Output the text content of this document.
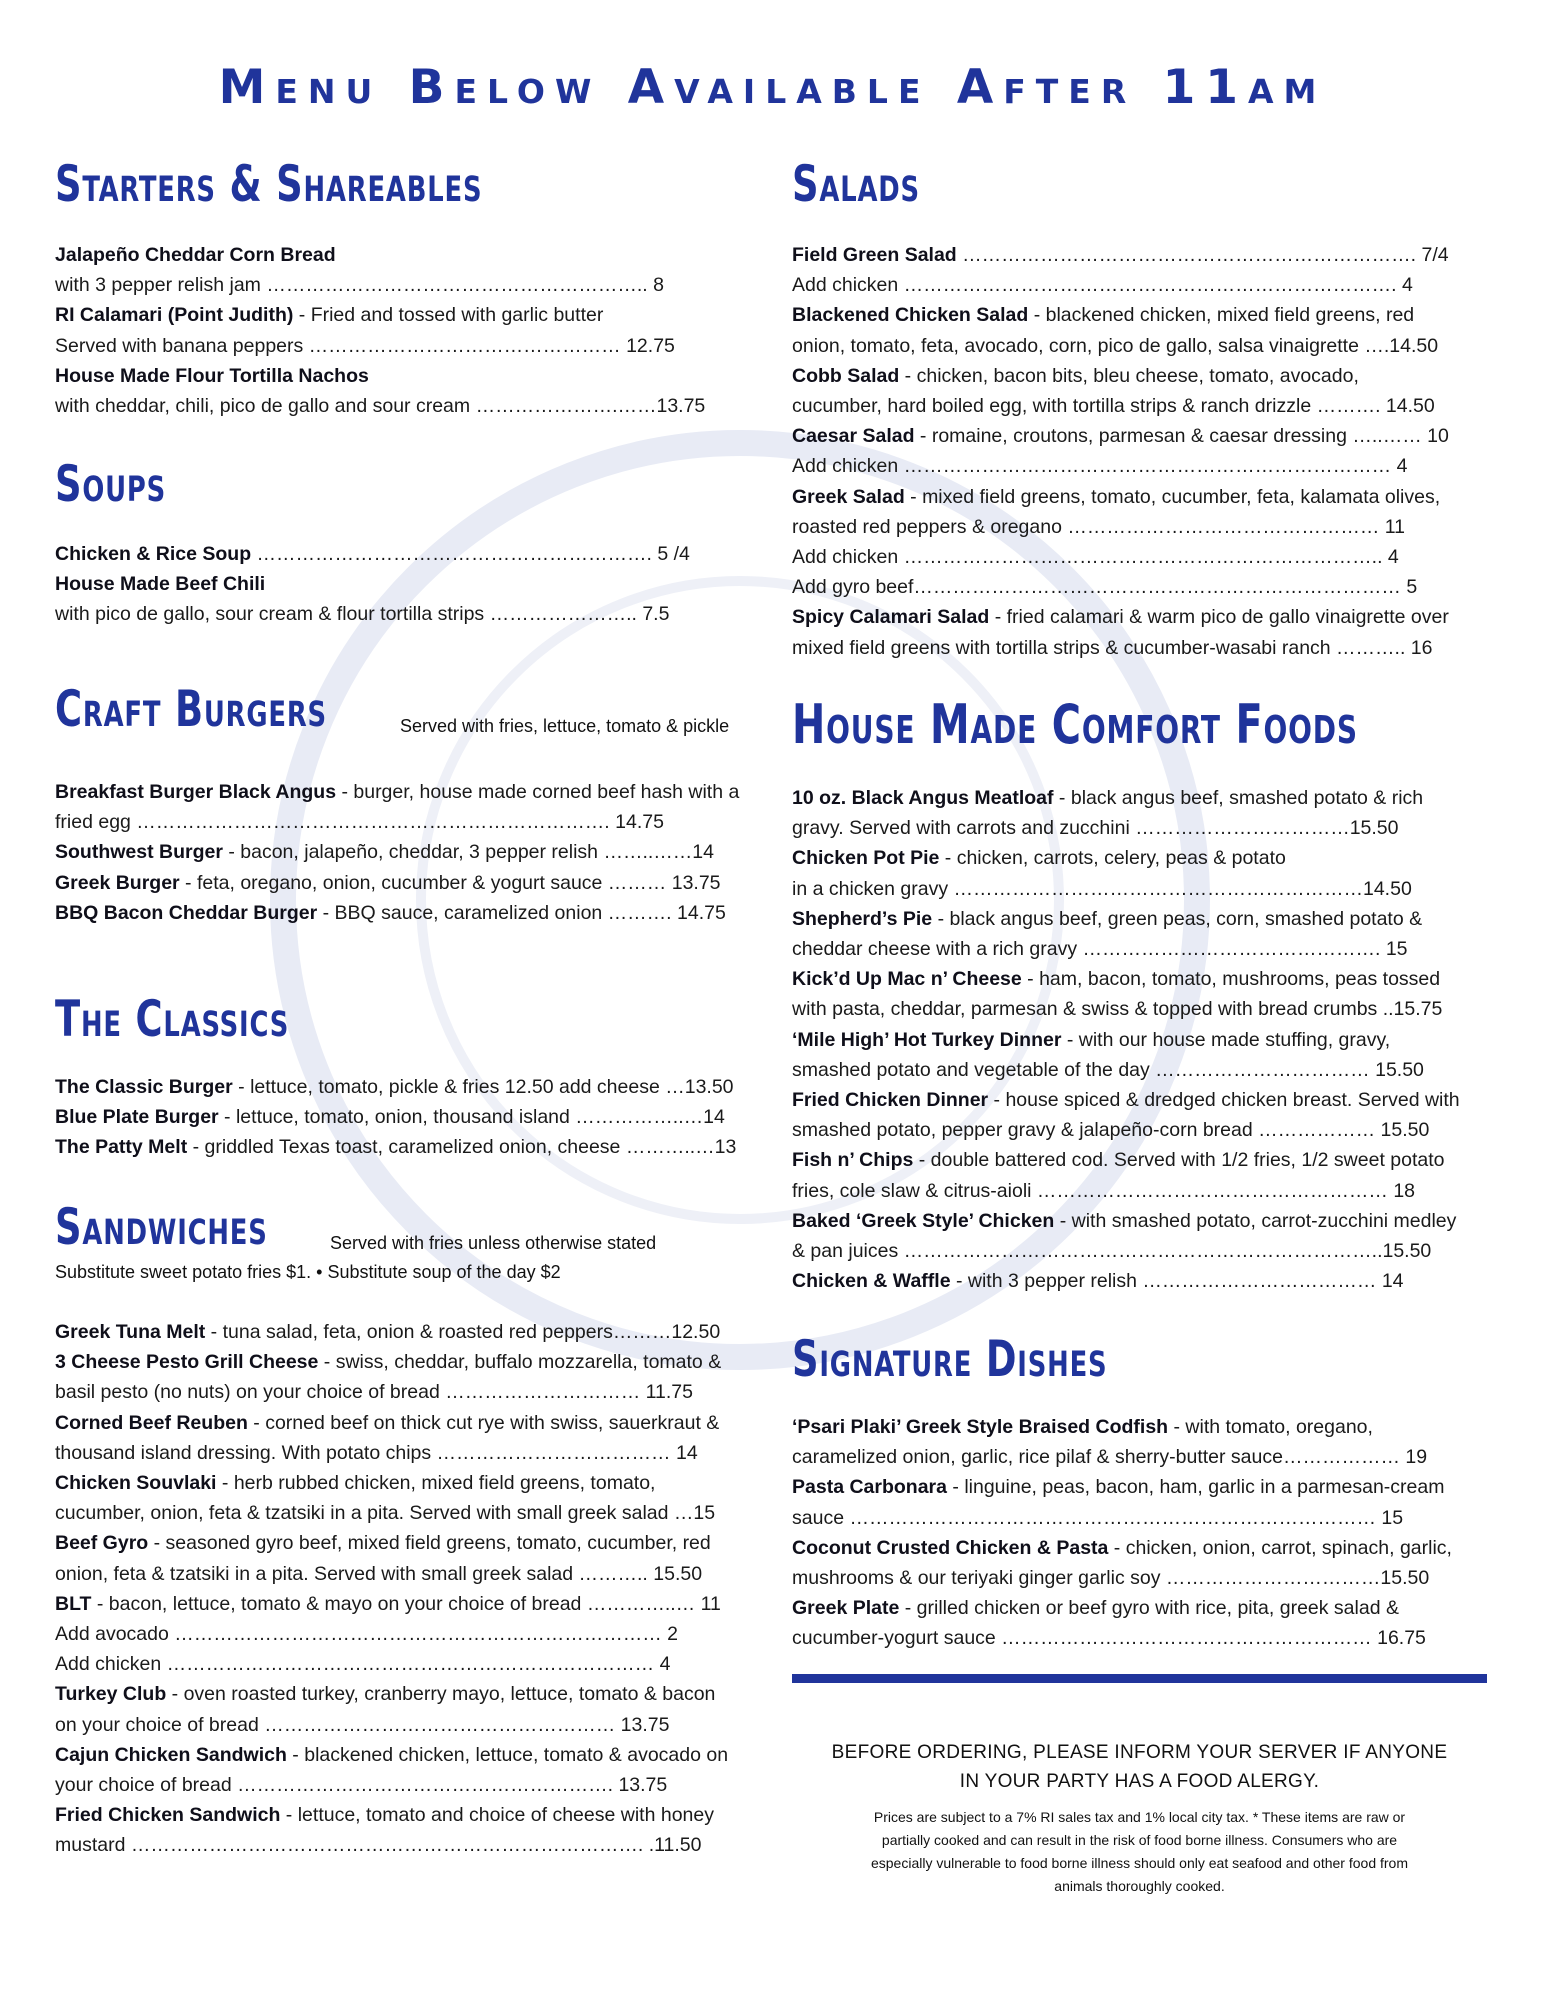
Menu Below Available After 11am
Starters & Shareables
Soups
Craft Burgers	Served with fries, lettuce, tomato & pickle
The Classics
Sandwiches	Served with fries unless otherwise stated
Substitute sweet potato fries $1. • Substitute soup of the day $2
Jalapeño Cheddar Corn Bread
with 3 pepper relish jam ………………………………………………….. 8
RI Calamari (Point Judith) - Fried and tossed with garlic butter
Served with banana peppers ………………………………………… 12.75
House Made Flour Tortilla Nachos
with cheddar, chili, pico de gallo and sour cream ………………….……13.75
Chicken & Rice Soup ……………………………………………………. 5 /4
House Made Beef Chili
with pico de gallo, sour cream & flour tortilla strips ………………….. 7.5
Breakfast Burger Black Angus - burger, house made corned beef hash with a
fried egg ………………………………………………………………. 14.75
Southwest Burger - bacon, jalapeño, cheddar, 3 pepper relish ……..……14
Greek Burger - feta, oregano, onion, cucumber & yogurt sauce ……… 13.75
BBQ Bacon Cheddar Burger - BBQ sauce, caramelized onion ………. 14.75
The Classic Burger - lettuce, tomato, pickle & fries 12.50 add cheese …13.50
Blue Plate Burger - lettuce, tomato, onion, thousand island ……………..…14
The Patty Melt - griddled Texas toast, caramelized onion, cheese ………..…13
Greek Tuna Melt - tuna salad, feta, onion & roasted red peppers………12.50
3 Cheese Pesto Grill Cheese - swiss, cheddar, buffalo mozzarella, tomato &
basil pesto (no nuts) on your choice of bread ………………………… 11.75
Corned Beef Reuben - corned beef on thick cut rye with swiss, sauerkraut &
thousand island dressing. With potato chips ……………………………… 14
Chicken Souvlaki - herb rubbed chicken, mixed field greens, tomato,
cucumber, onion, feta & tzatsiki in a pita. Served with small greek salad …15
Beef Gyro - seasoned gyro beef, mixed field greens, tomato, cucumber, red
onion, feta & tzatsiki in a pita. Served with small greek salad ……….. 15.50
BLT - bacon, lettuce, tomato & mayo on your choice of bread …………..… 11
Add avocado ………………………………………………………………… 2
Add chicken ………………………………………………………………… 4
Turkey Club - oven roasted turkey, cranberry mayo, lettuce, tomato & bacon
on your choice of bread ……………………………………………… 13.75
Cajun Chicken Sandwich - blackened chicken, lettuce, tomato & avocado on
your choice of bread …………………………………………………. 13.75
Fried Chicken Sandwich - lettuce, tomato and choice of cheese with honey
mustard ……………………………………………………………………. .11.50
Salads
House Made Comfort Foods
Signature Dishes
Field Green Salad ……………………………………………………………. 7/4
Add chicken …………………………………………………………………. 4
Blackened Chicken Salad - blackened chicken, mixed field greens, red
onion, tomato, feta, avocado, corn, pico de gallo, salsa vinaigrette ….14.50
Cobb Salad - chicken, bacon bits, bleu cheese, tomato, avocado,
cucumber, hard boiled egg, with tortilla strips & ranch drizzle ………. 14.50
Caesar Salad - romaine, croutons, parmesan & caesar dressing …..…… 10
Add chicken ………………………………………………………………… 4
Greek Salad - mixed field greens, tomato, cucumber, feta, kalamata olives,
roasted red peppers & oregano ………………………………………… 11
Add chicken ……………………………………………………………….. 4
Add gyro beef………………………………………………………………… 5
Spicy Calamari Salad - fried calamari & warm pico de gallo vinaigrette over
mixed field greens with tortilla strips & cucumber-wasabi ranch ……….. 16
10 oz. Black Angus Meatloaf - black angus beef, smashed potato & rich
gravy. Served with carrots and zucchini ……………………………15.50
Chicken Pot Pie - chicken, carrots, celery, peas & potato
in a chicken gravy ………………………………………………………14.50
Shepherd’s Pie - black angus beef, green peas, corn, smashed potato &
cheddar cheese with a rich gravy ………………………………………. 15
Kick’d Up Mac n’ Cheese - ham, bacon, tomato, mushrooms, peas tossed
with pasta, cheddar, parmesan & swiss & topped with bread crumbs ..15.75
‘Mile High’ Hot Turkey Dinner - with our house made stuffing, gravy,
smashed potato and vegetable of the day …………………………… 15.50
Fried Chicken Dinner - house spiced & dredged chicken breast. Served with
smashed potato, pepper gravy & jalapeño-corn bread ……………… 15.50
Fish n’ Chips - double battered cod. Served with 1/2 fries, 1/2 sweet potato
fries, cole slaw & citrus-aioli ……………………………………………… 18
Baked ‘Greek Style’ Chicken - with smashed potato, carrot-zucchini medley
& pan juices ………………………………………………………………..15.50
Chicken & Waffle - with 3 pepper relish ……………………………… 14
‘Psari Plaki’ Greek Style Braised Codfish - with tomato, oregano,
caramelized onion, garlic, rice pilaf & sherry-butter sauce……………… 19
Pasta Carbonara - linguine, peas, bacon, ham, garlic in a parmesan-cream
sauce ……………………………………………………………………… 15
Coconut Crusted Chicken & Pasta - chicken, onion, carrot, spinach, garlic,
mushrooms & our teriyaki ginger garlic soy ……………………………15.50
Greek Plate - grilled chicken or beef gyro with rice, pita, greek salad &
cucumber-yogurt sauce ………………………………………………… 16.75
BEFORE ORDERING, PLEASE INFORM YOUR SERVER IF ANYONE
IN YOUR PARTY HAS A FOOD ALERGY.
Prices are subject to a 7% RI sales tax and 1% local city tax. * These items are raw or
partially cooked and can result in the risk of food borne illness. Consumers who are
especially vulnerable to food borne illness should only eat seafood and other food from
animals thoroughly cooked.
